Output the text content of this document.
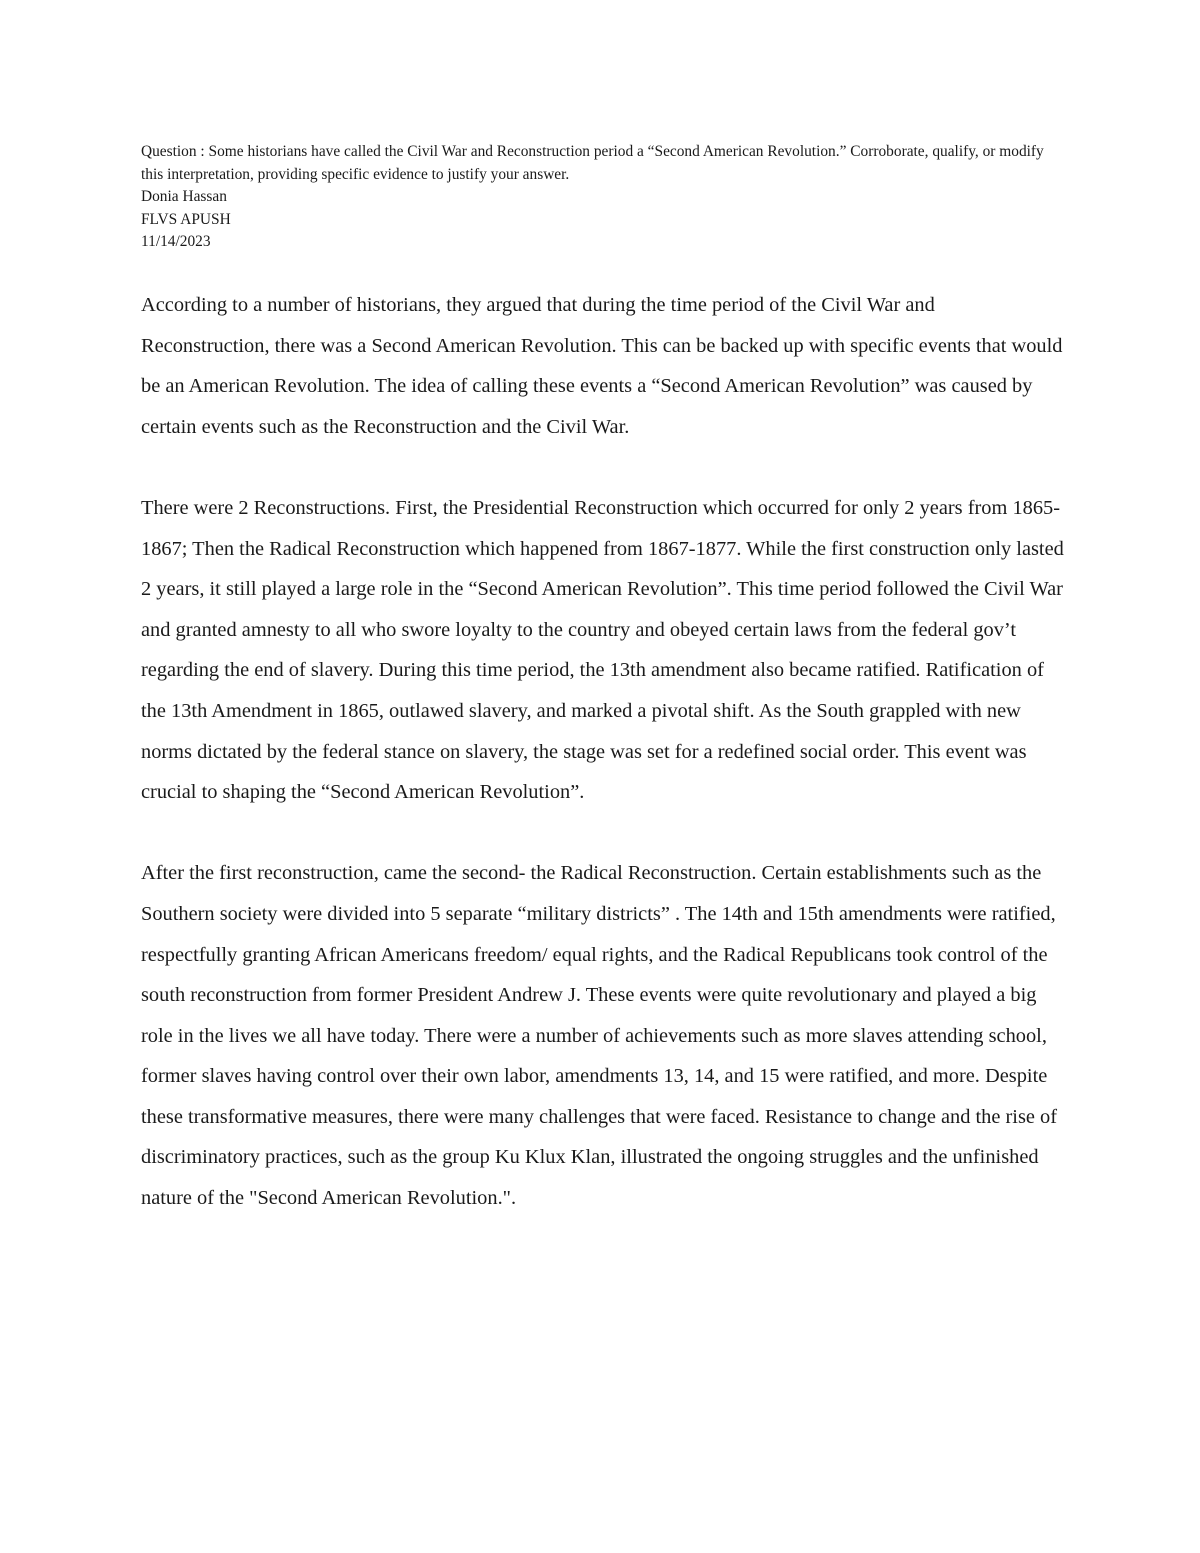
Question : Some historians have called the Civil War and Reconstruction period a “Second American Revolution.” Corroborate, qualify, or modify this interpretation, providing specific evidence to justify your answer.
Donia Hassan
FLVS APUSH
11/14/2023

According to a number of historians, they argued that during the time period of the Civil War and Reconstruction, there was a Second American Revolution. This can be backed up with specific events that would be an American Revolution. The idea of calling these events a “Second American Revolution” was caused by certain events such as the Reconstruction and the Civil War.

There were 2 Reconstructions. First, the Presidential Reconstruction which occurred for only 2 years from 1865-1867; Then the Radical Reconstruction which happened from 1867-1877. While the first construction only lasted 2 years, it still played a large role in the “Second American Revolution”. This time period followed the Civil War and granted amnesty to all who swore loyalty to the country and obeyed certain laws from the federal gov’t regarding the end of slavery. During this time period, the 13th amendment also became ratified. Ratification of the 13th Amendment in 1865, outlawed slavery, and marked a pivotal shift. As the South grappled with new norms dictated by the federal stance on slavery, the stage was set for a redefined social order. This event was crucial to shaping the “Second American Revolution”.

After the first reconstruction, came the second- the Radical Reconstruction. Certain establishments such as the Southern society were divided into 5 separate “military districts” . The 14th and 15th amendments were ratified, respectfully granting African Americans freedom/ equal rights, and the Radical Republicans took control of the south reconstruction from former President Andrew J. These events were quite revolutionary and played a big role in the lives we all have today. There were a number of achievements such as more slaves attending school, former slaves having control over their own labor, amendments 13, 14, and 15 were ratified, and more. Despite these transformative measures, there were many challenges that were faced. Resistance to change and the rise of discriminatory practices, such as the group Ku Klux Klan, illustrated the ongoing struggles and the unfinished nature of the "Second American Revolution.".
